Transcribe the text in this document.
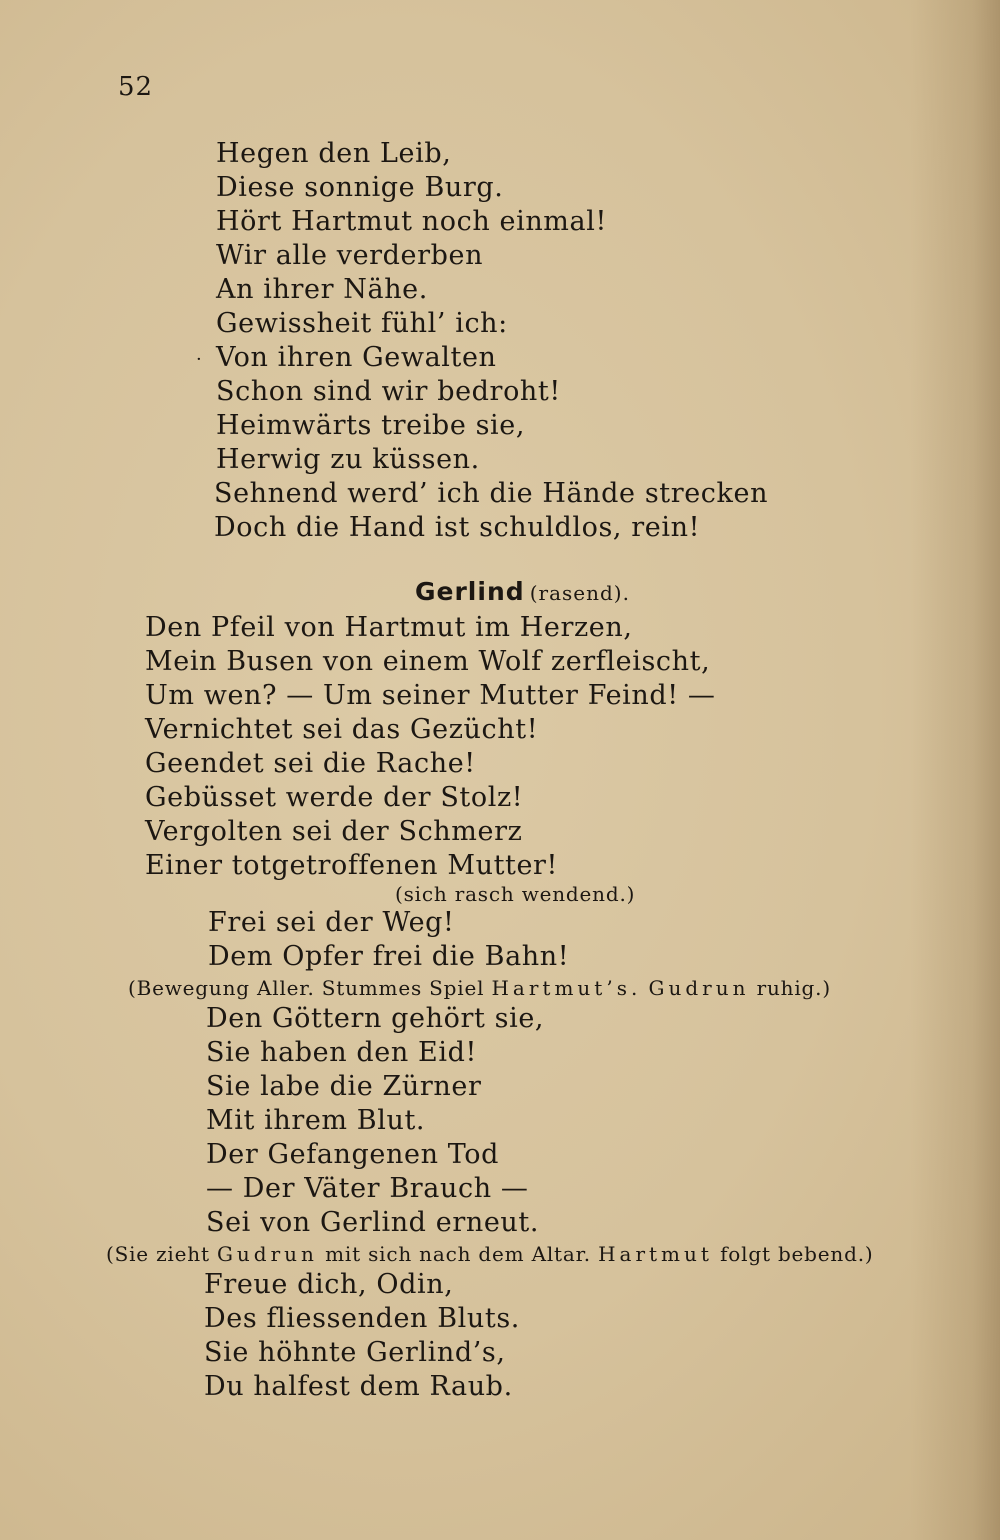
52
Hegen den Leib,
Diese sonnige Burg.
Hört Hartmut noch einmal!
Wir alle verderben
An ihrer Nähe.
Gewissheit fühl’ ich:
· Von ihren Gewalten
Schon sind wir bedroht!
Heimwärts treibe sie,
Herwig zu küssen.
Sehnend werd’ ich die Hände strecken
Doch die Hand ist schuldlos, rein!
Gerlind (rasend).
Den Pfeil von Hartmut im Herzen,
Mein Busen von einem Wolf zerfleischt,
Um wen? — Um seiner Mutter Feind! —
Vernichtet sei das Gezücht!
Geendet sei die Rache!
Gebüsset werde der Stolz!
Vergolten sei der Schmerz
Einer totgetroffenen Mutter!
(sich rasch wendend.)
Frei sei der Weg!
Dem Opfer frei die Bahn!
(Bewegung Aller. Stummes Spiel Hartmut’s. Gudrun ruhig.)
Den Göttern gehört sie,
Sie haben den Eid!
Sie labe die Zürner
Mit ihrem Blut.
Der Gefangenen Tod
— Der Väter Brauch —
Sei von Gerlind erneut.
(Sie zieht Gudrun mit sich nach dem Altar. Hartmut folgt bebend.)
Freue dich, Odin,
Des fliessenden Bluts.
Sie höhnte Gerlind’s,
Du halfest dem Raub.
